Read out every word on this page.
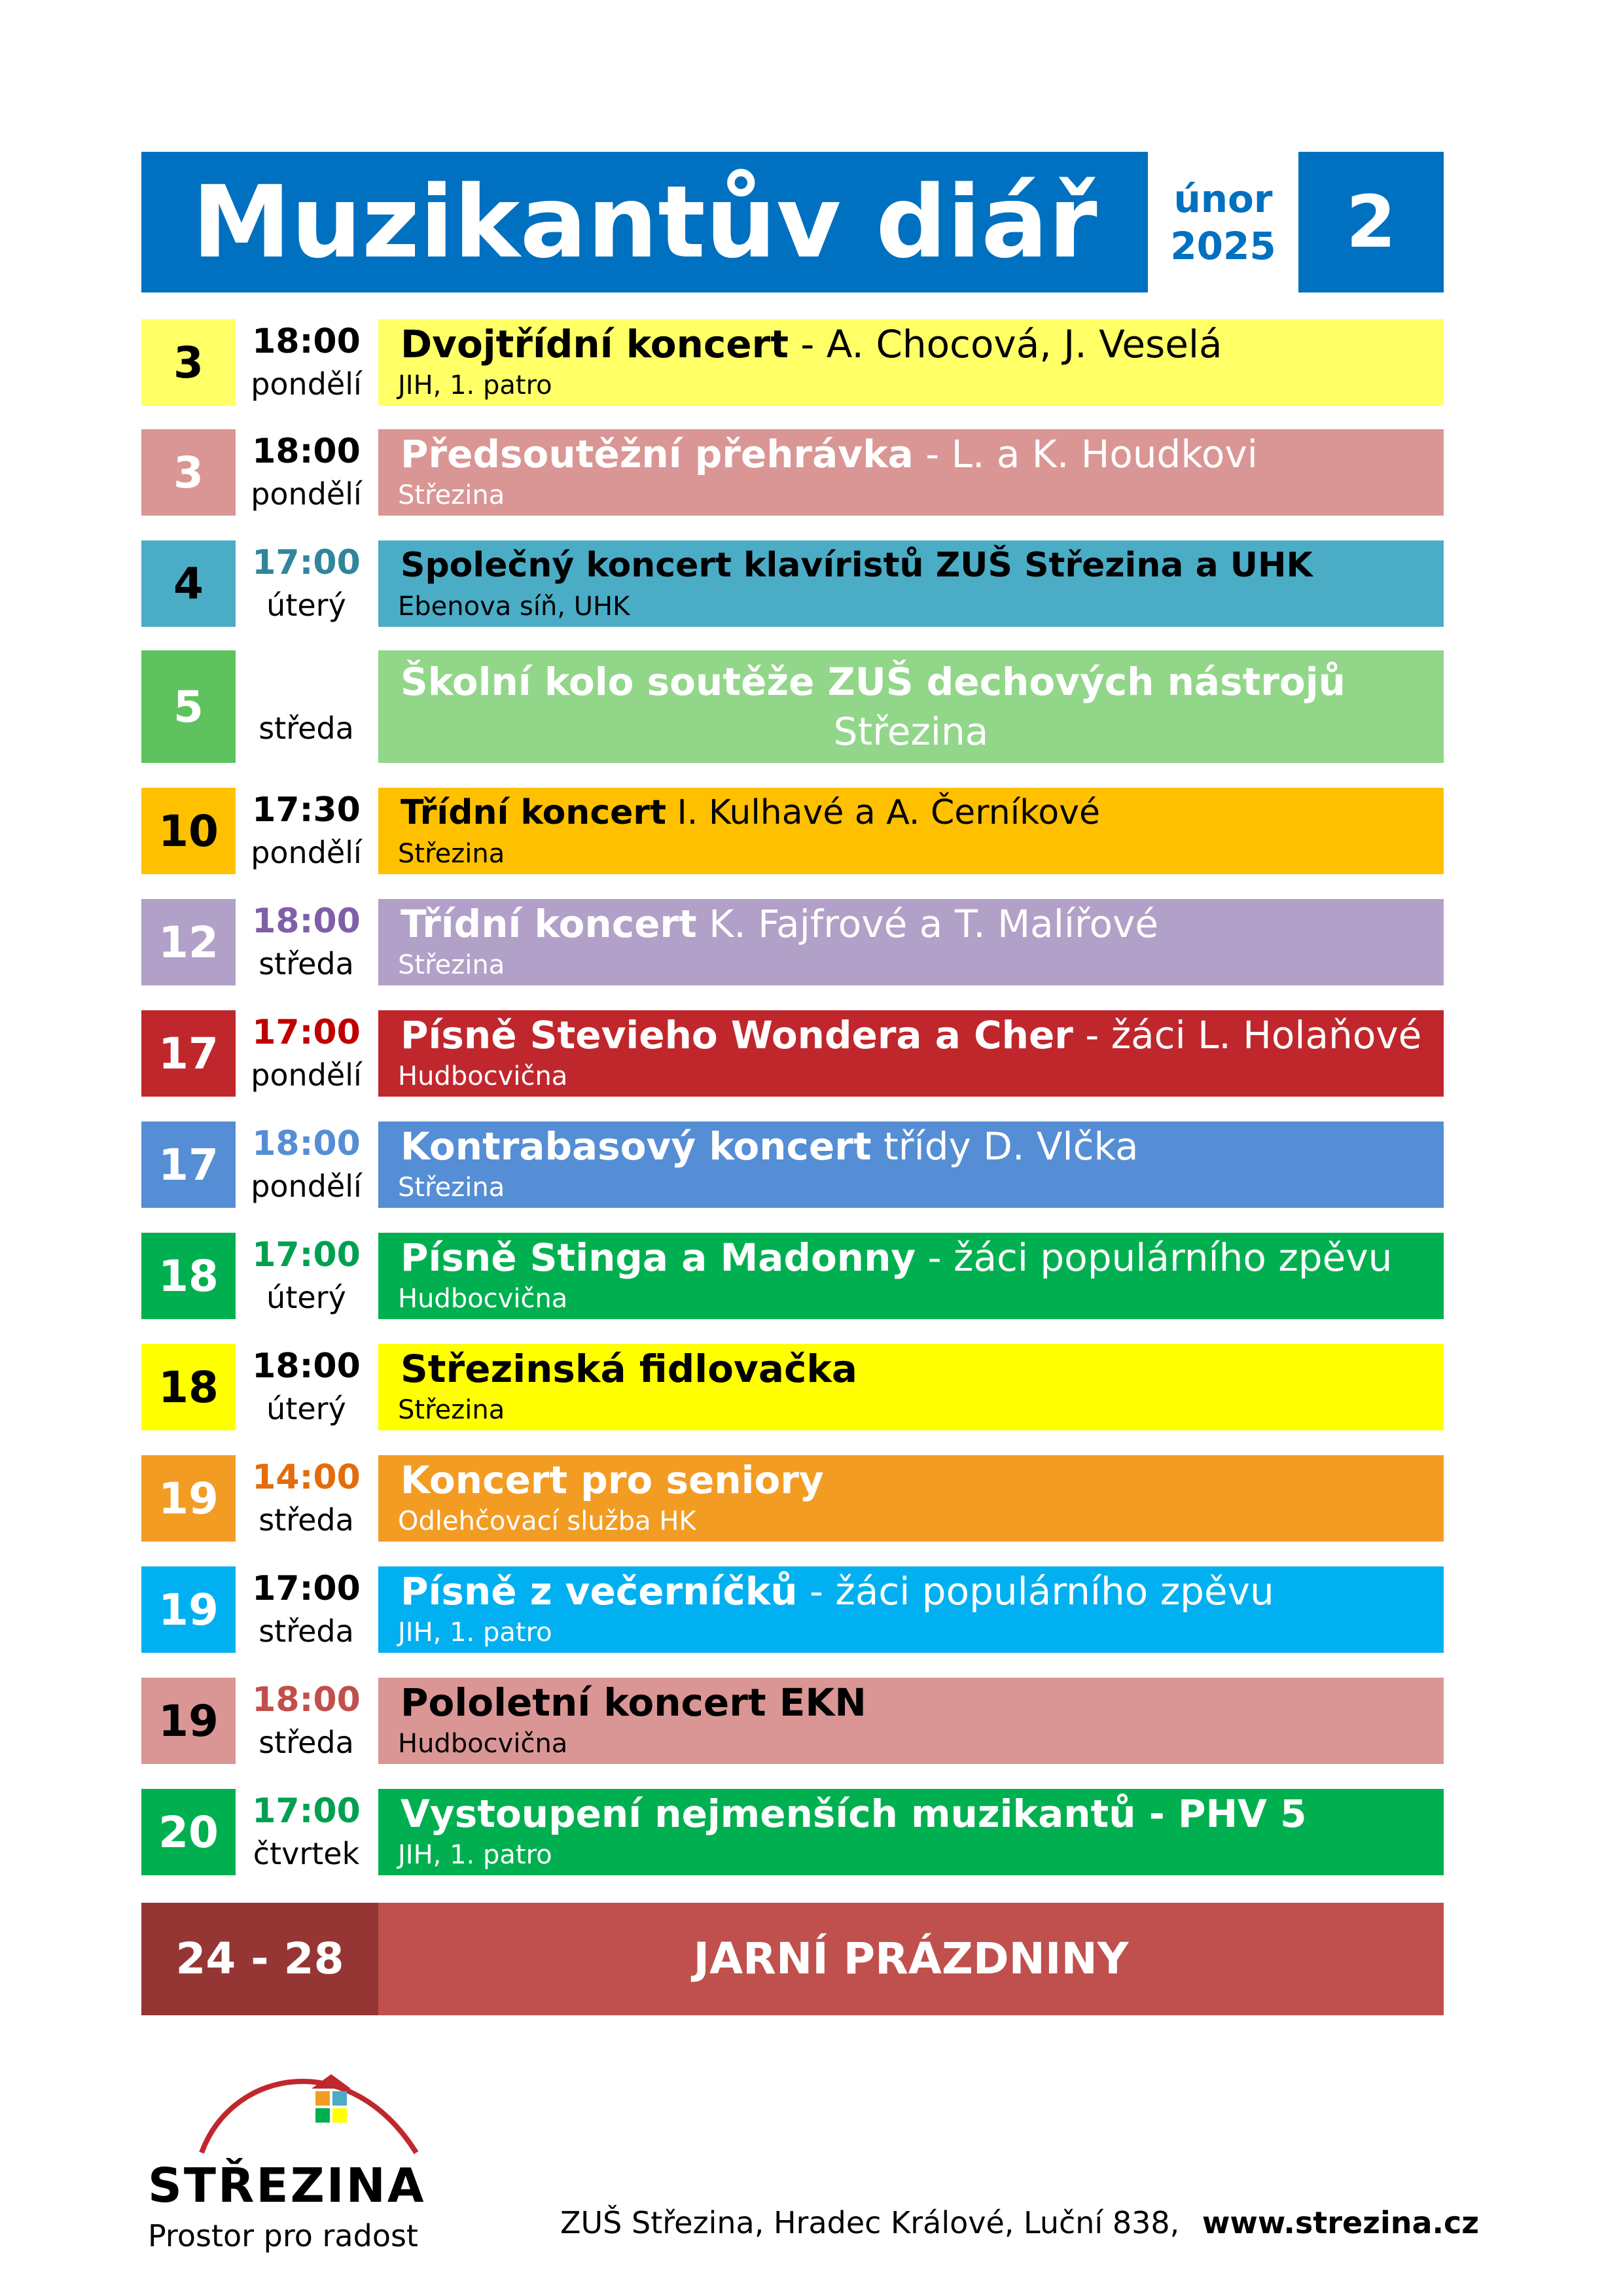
Muzikantův diář	únor
2025 2
3	18:00
pondělí
Dvojtřídní koncert - A. Chocová, J. Veselá
JIH, 1. patro
3	18:00
pondělí
Předsoutěžní přehrávka - L. a K. Houdkovi
Střezina
4	17:00
úterý
Společný koncert klavíristů ZUŠ Střezina a UHK
Ebenova síň, UHK
5	13:00
středa
Školní kolo soutěže ZUŠ dechových nástrojů
Střezina
10 17:30
pondělí
Třídní koncert I. Kulhavé a A. Černíkové
Střezina
12 18:00
středa
Třídní koncert K. Fajfrové a T. Malířové
Střezina
17 17:00
pondělí
Písně Stevieho Wondera a Cher - žáci L. Holaňové
Hudbocvična
17 18:00
pondělí
Kontrabasový koncert třídy D. Vlčka
Střezina
18 17:00
úterý
Písně Stinga a Madonny - žáci populárního zpěvu
Hudbocvična
18 18:00
úterý
Střezinská fidlovačka
Střezina
19 14:00
středa
Koncert pro seniory
Odlehčovací služba HK
19 17:00
středa
Písně z večerníčků - žáci populárního zpěvu
JIH, 1. patro
19 18:00
středa
Pololetní koncert EKN
Hudbocvična
20 17:00
čtvrtek
Vystoupení nejmenších muzikantů - PHV 5
JIH, 1. patro
24 - 28	JARNÍ PRÁZDNINY
STŘEZINA
Prostor pro radost	ZUŠ Střezina, Hradec Králové, Luční 838, www.strezina.cz
